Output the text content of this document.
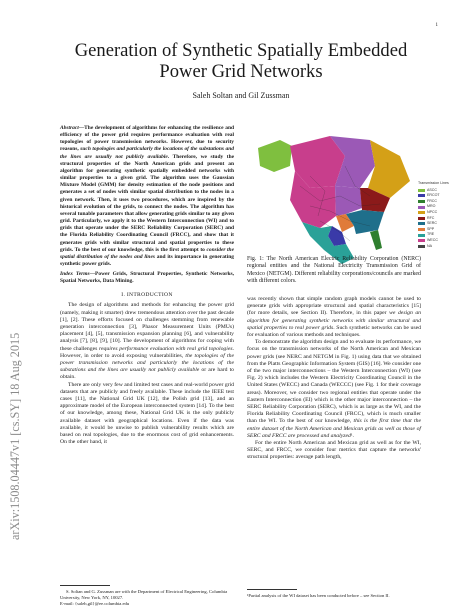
1
arXiv:1508.04447v1 [cs.SY] 18 Aug 2015
Generation of Synthetic Spatially Embedded
Power Grid Networks
Saleh Soltan and Gil Zussman

Abstract—The development of algorithms for enhancing the resilience and efficiency of the power grid requires performance evaluation with real topologies of power transmission networks. However, due to security reasons, such topologies and particularly the locations of the substations and the lines are usually not publicly available. Therefore, we study the structural properties of the North American grids and present an algorithm for generating synthetic spatially embedded networks with similar properties to a given grid. The algorithm uses the Gaussian Mixture Model (GMM) for density estimation of the node positions and generates a set of nodes with similar spatial distribution to the nodes in a given network. Then, it uses two procedures, which are inspired by the historical evolution of the grids, to connect the nodes. The algorithm has several tunable parameters that allow generating grids similar to any given grid. Particularly, we apply it to the Western Interconnection (WI) and to grids that operate under the SERC Reliability Corporation (SERC) and the Florida Reliability Coordinating Council (FRCC), and show that it generates grids with similar structural and spatial properties to these grids. To the best of our knowledge, this is the first attempt to consider the spatial distribution of the nodes and lines and its importance in generating synthetic power grids.

Index Terms—Power Grids, Structural Properties, Synthetic Networks, Spatial Networks, Data Mining.

I. INTRODUCTION

The design of algorithms and methods for enhancing the power grid (namely, making it smarter) drew tremendous attention over the past decade [1], [2]. These efforts focused on challenges stemming from renewable generation interconnection [3], Phasor Measurement Units (PMUs) placement [4], [5], transmission expansion planning [6], and vulnerability analysis [7], [8], [9], [10]. The development of algorithms for coping with these challenges requires performance evaluation with real grid topologies. However, in order to avoid exposing vulnerabilities, the topologies of the power transmission networks and particularly the locations of the substations and the lines are usually not publicly available or are hard to obtain.

There are only very few and limited test cases and real-world power grid datasets that are publicly and freely available. These include the IEEE test cases [11], the National Grid UK [12], the Polish grid [13], and an approximate model of the European interconnected system [14]. To the best of our knowledge, among these, National Grid UK is the only publicly available dataset with geographical locations. Even if the data was available, it would be unwise to publish vulnerability results which are based on real topologies, due to the enormous cost of grid enhancements. On the other hand, it

S. Soltan and G. Zussman are with the Department of Electrical Engineering, Columbia University, New York, NY, 10027.
E-mail: {saleh,gil}@ee.columbia.edu
Transmission Lines
ASCC
ERCOT
FRCC
MRO
NPCC
RFC
SERC
SPP
TRE
WECC
NA
Fig. 1: The North American Electric Reliability Corporation (NERC) regional entities and the National Electricity Transmission Grid of Mexico (NETGM). Different reliability corporations/councils are marked with different colors.

was recently shown that simple random graph models cannot be used to generate grids with appropriate structural and spatial characteristics [15] (for more details, see Section II). Therefore, in this paper we design an algorithm for generating synthetic networks with similar structural and spatial properties to real power grids. Such synthetic networks can be used for evaluation of various methods and techniques.

To demonstrate the algorithm design and to evaluate its performance, we focus on the transmission networks of the North American and Mexican power grids (see NERC and NETGM in Fig. 1) using data that we obtained from the Platts Geographic Information System (GIS) [16]. We consider one of the two major interconnections – the Western Interconnection (WI) (see Fig. 2) which includes the Western Electricity Coordinating Council in the United States (WECC) and Canada (WECCC) (see Fig. 1 for their coverage areas). Moreover, we consider two regional entities that operate under the Eastern Interconnection (EI) which is the other major interconnection – the SERC Reliability Corporation (SERC), which is as large as the WI, and the Florida Reliability Coordinating Council (FRCC), which is much smaller than the WI. To the best of our knowledge, this is the first time that the entire dataset of the North American and Mexican grids as well as those of SERC and FRCC are processed and analyzed¹.

For the entire North American and Mexican grid as well as for the WI, SERC, and FRCC, we consider four metrics that capture the networks' structural properties: average path length,

¹Partial analysis of the WI dataset has been conducted before – see Section II.
